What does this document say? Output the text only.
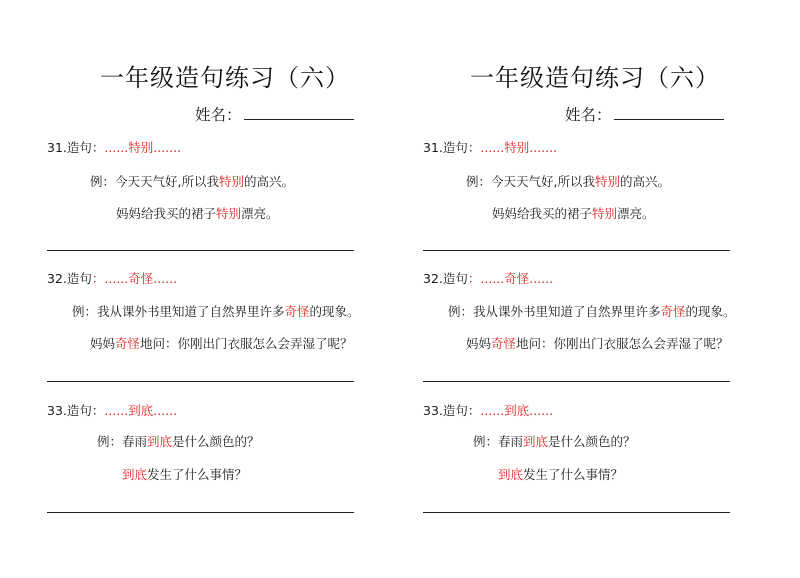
一年级造句练习（六）
姓名：
31.造句：......特别.......
例：今天天气好,所以我特别的高兴。
妈妈给我买的裙子特别漂亮。
32.造句：......奇怪......
例：我从课外书里知道了自然界里许多奇怪的现象。
妈妈奇怪地问：你刚出门衣服怎么会弄湿了呢？
33.造句：......到底......
例：春雨到底是什么颜色的？
到底发生了什么事情？
一年级造句练习（六）
姓名：
31.造句：......特别.......
例：今天天气好,所以我特别的高兴。
妈妈给我买的裙子特别漂亮。
32.造句：......奇怪......
例：我从课外书里知道了自然界里许多奇怪的现象。
妈妈奇怪地问：你刚出门衣服怎么会弄湿了呢？
33.造句：......到底......
例：春雨到底是什么颜色的？
到底发生了什么事情？
